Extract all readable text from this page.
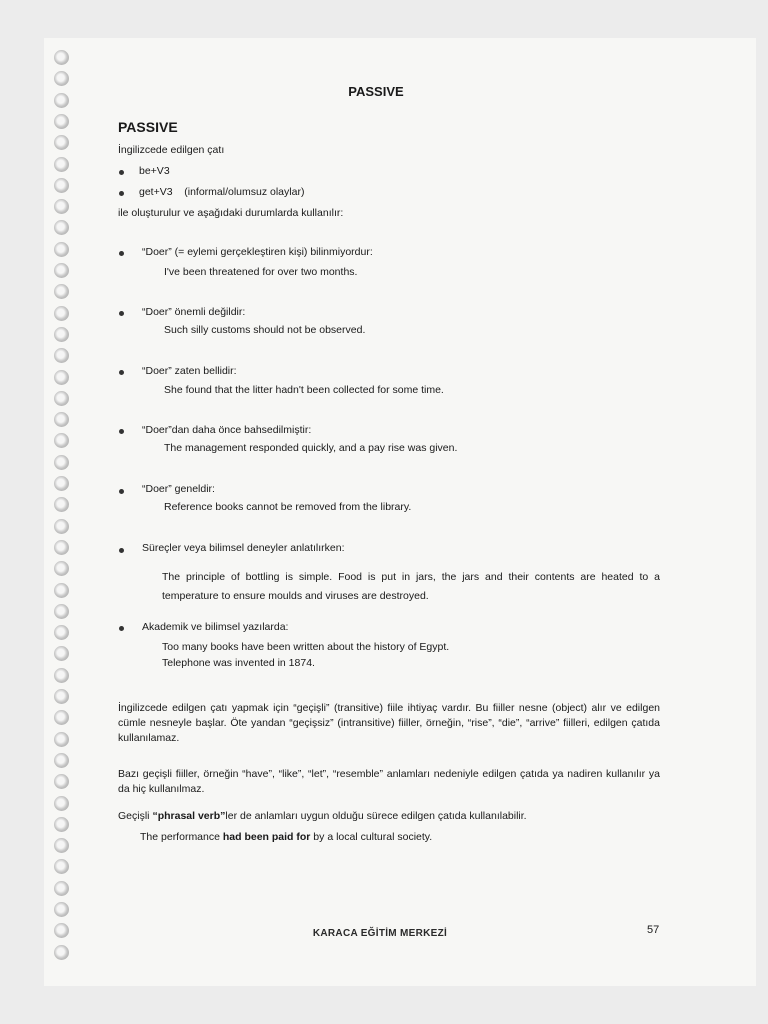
PASSIVE
PASSIVE

İngilizcede edilgen çatı

be+V3

get+V3    (informal/olumsuz olaylar)

ile oluşturulur ve aşağıdaki durumlarda kullanılır:

“Doer” (= eylemi gerçekleştiren kişi) bilinmiyordur:

I've been threatened for over two months.

“Doer” önemli değildir:

Such silly customs should not be observed.

“Doer” zaten bellidir:

She found that the litter hadn't been collected for some time.

“Doer”dan daha önce bahsedilmiştir:

The management responded quickly, and a pay rise was given.

“Doer” geneldir:

Reference books cannot be removed from the library.

Süreçler veya bilimsel deneyler anlatılırken:

The principle of bottling is simple. Food is put in jars, the jars and their contents are heated to a temperature to ensure moulds and viruses are destroyed.

Akademik ve bilimsel yazılarda:

Too many books have been written about the history of Egypt.

Telephone was invented in 1874.

İngilizcede edilgen çatı yapmak için “geçişli” (transitive) fiile ihtiyaç vardır. Bu fiiller nesne (object) alır ve edilgen cümle nesneyle başlar. Öte yandan “geçişsiz” (intransitive) fiiller, örneğin, “rise”, “die”, “arrive” fiilleri, edilgen çatıda kullanılamaz.

Bazı geçişli fiiller, örneğin “have”, “like”, “let”, “resemble” anlamları nedeniyle edilgen çatıda ya nadiren kullanılır ya da hiç kullanılmaz.

Geçişli “phrasal verb”ler de anlamları uygun olduğu sürece edilgen çatıda kullanılabilir.

The performance had been paid for by a local cultural society.

KARACA EĞİTİM MERKEZİ	57
